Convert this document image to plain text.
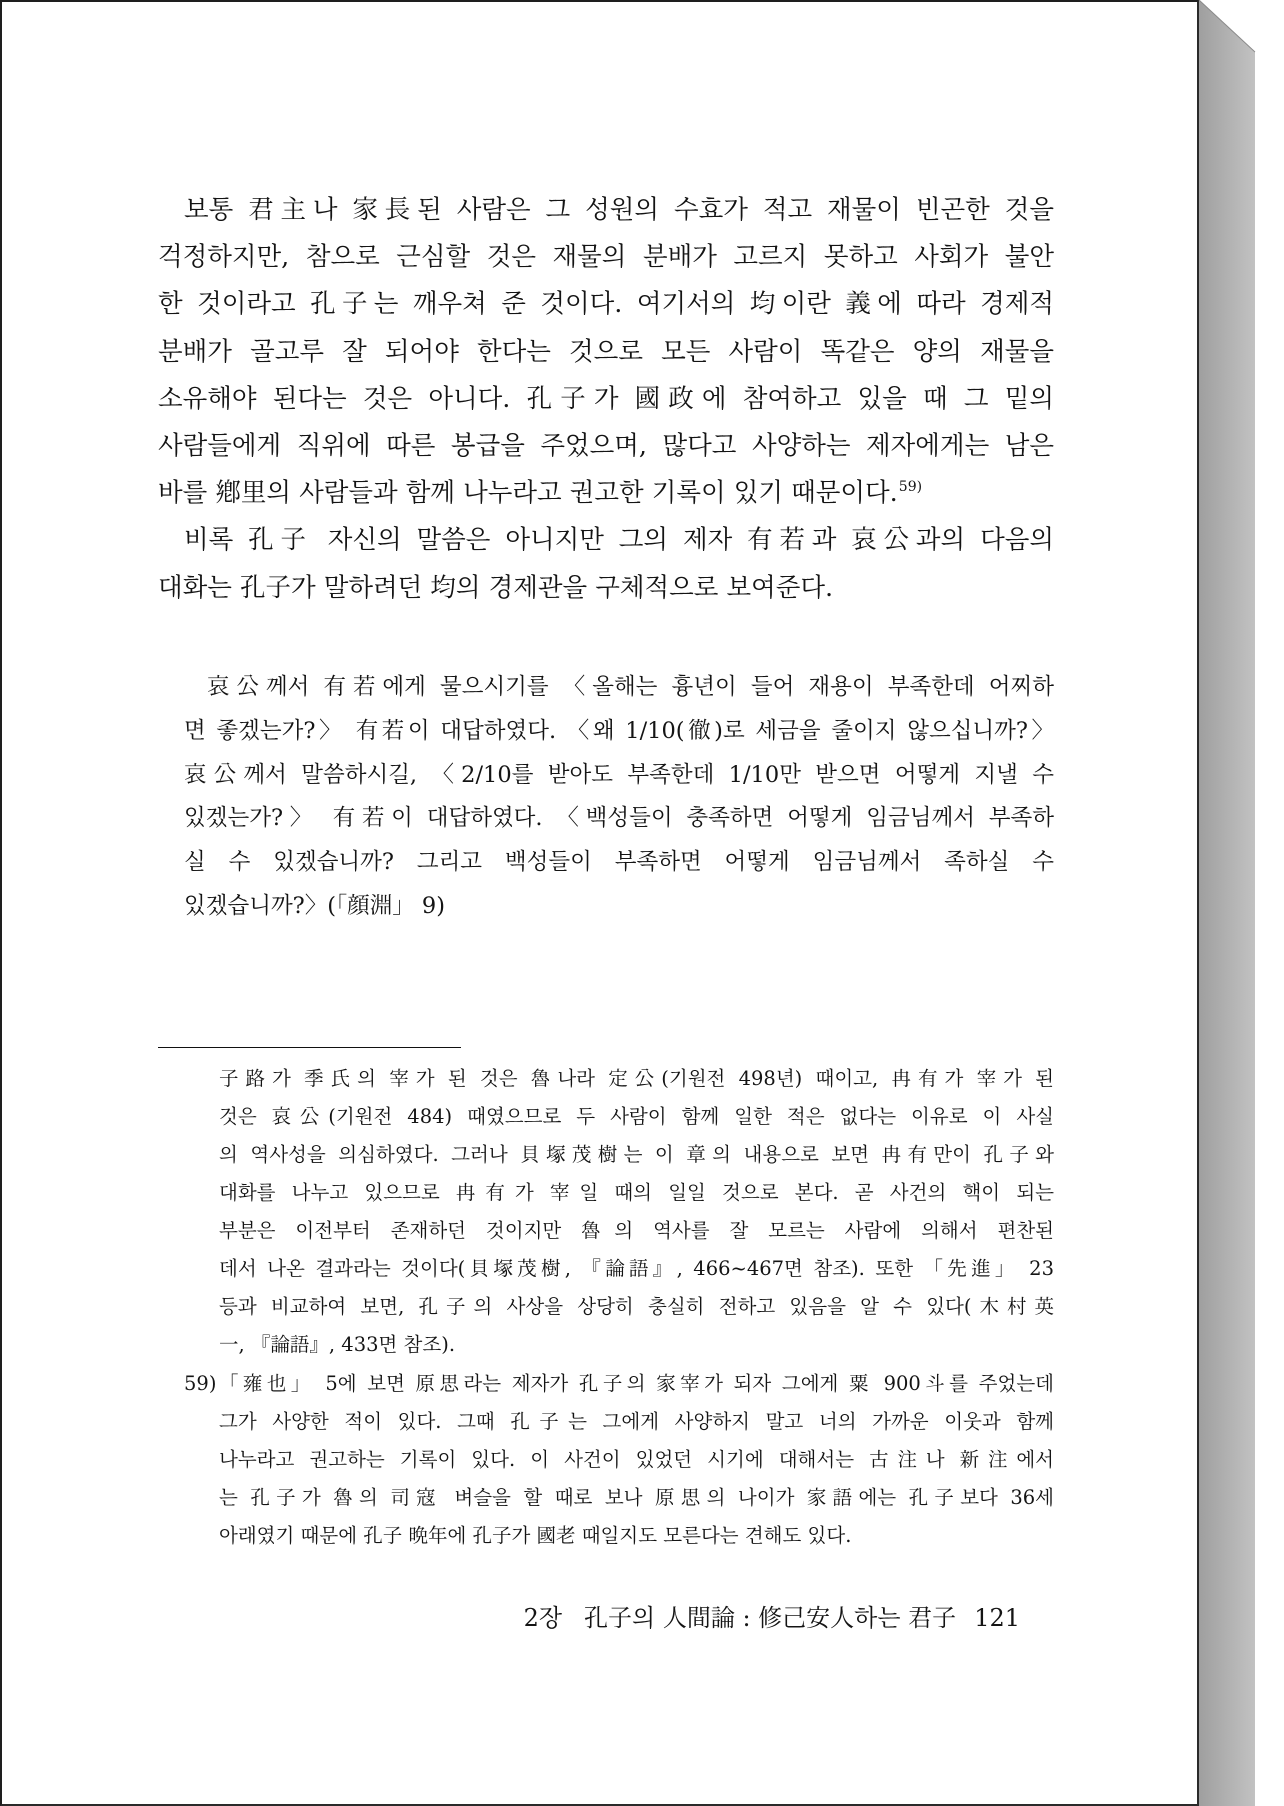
보통 君主나 家長된 사람은 그 성원의 수효가 적고 재물이 빈곤한 것을
걱정하지만, 참으로 근심할 것은 재물의 분배가 고르지 못하고 사회가 불안
한 것이라고 孔子는 깨우쳐 준 것이다. 여기서의 均이란 義에 따라 경제적
분배가 골고루 잘 되어야 한다는 것으로 모든 사람이 똑같은 양의 재물을
소유해야 된다는 것은 아니다. 孔子가 國政에 참여하고 있을 때 그 밑의
사람들에게 직위에 따른 봉급을 주었으며, 많다고 사양하는 제자에게는 남은
바를 鄕里의 사람들과 함께 나누라고 권고한 기록이 있기 때문이다.$^{59)}$
비록 孔子 자신의 말씀은 아니지만 그의 제자 有若과 哀公과의 다음의
대화는 孔子가 말하려던 均의 경제관을 구체적으로 보여준다.
哀公께서 有若에게 물으시기를 〈올해는 흉년이 들어 재용이 부족한데 어찌하
면 좋겠는가?〉 有若이 대답하였다. 〈왜 1/10(徹)로 세금을 줄이지 않으십니까?〉
哀公께서 말씀하시길, 〈2/10를 받아도 부족한데 1/10만 받으면 어떻게 지낼 수
있겠는가?〉 有若이 대답하였다. 〈백성들이 충족하면 어떻게 임금님께서 부족하
실 수 있겠습니까? 그리고 백성들이 부족하면 어떻게 임금님께서 족하실 수
있겠습니까?〉(「顔淵」 9)
子路가 季氏의 宰가 된 것은 魯나라 定公(기원전 498년) 때이고, 冉有가 宰가 된
것은 哀公(기원전 484) 때였으므로 두 사람이 함께 일한 적은 없다는 이유로 이 사실
의 역사성을 의심하였다. 그러나 貝塚茂樹는 이 章의 내용으로 보면 冉有만이 孔子와
대화를 나누고 있으므로 冉有가 宰일 때의 일일 것으로 본다. 곧 사건의 핵이 되는
부분은 이전부터 존재하던 것이지만 魯의 역사를 잘 모르는 사람에 의해서 편찬된
데서 나온 결과라는 것이다(貝塚茂樹, 『論語』, 466~467면 참조). 또한 「先進」 23
등과 비교하여 보면, 孔子의 사상을 상당히 충실히 전하고 있음을 알 수 있다(木村英
一, 『論語』, 433면 참조).
59) 「雍也」 5에 보면 原思라는 제자가 孔子의 家宰가 되자 그에게 粟 900斗를 주었는데
그가 사양한 적이 있다. 그때 孔子는 그에게 사양하지 말고 너의 가까운 이웃과 함께
나누라고 권고하는 기록이 있다. 이 사건이 있었던 시기에 대해서는 古注나 新注에서
는 孔子가 魯의 司寇 벼슬을 할 때로 보나 原思의 나이가 家語에는 孔子보다 36세
아래였기 때문에 孔子 晩年에 孔子가 國老 때일지도 모른다는 견해도 있다.
2장 孔子의 人間論 : 修己安人하는 君子 121
